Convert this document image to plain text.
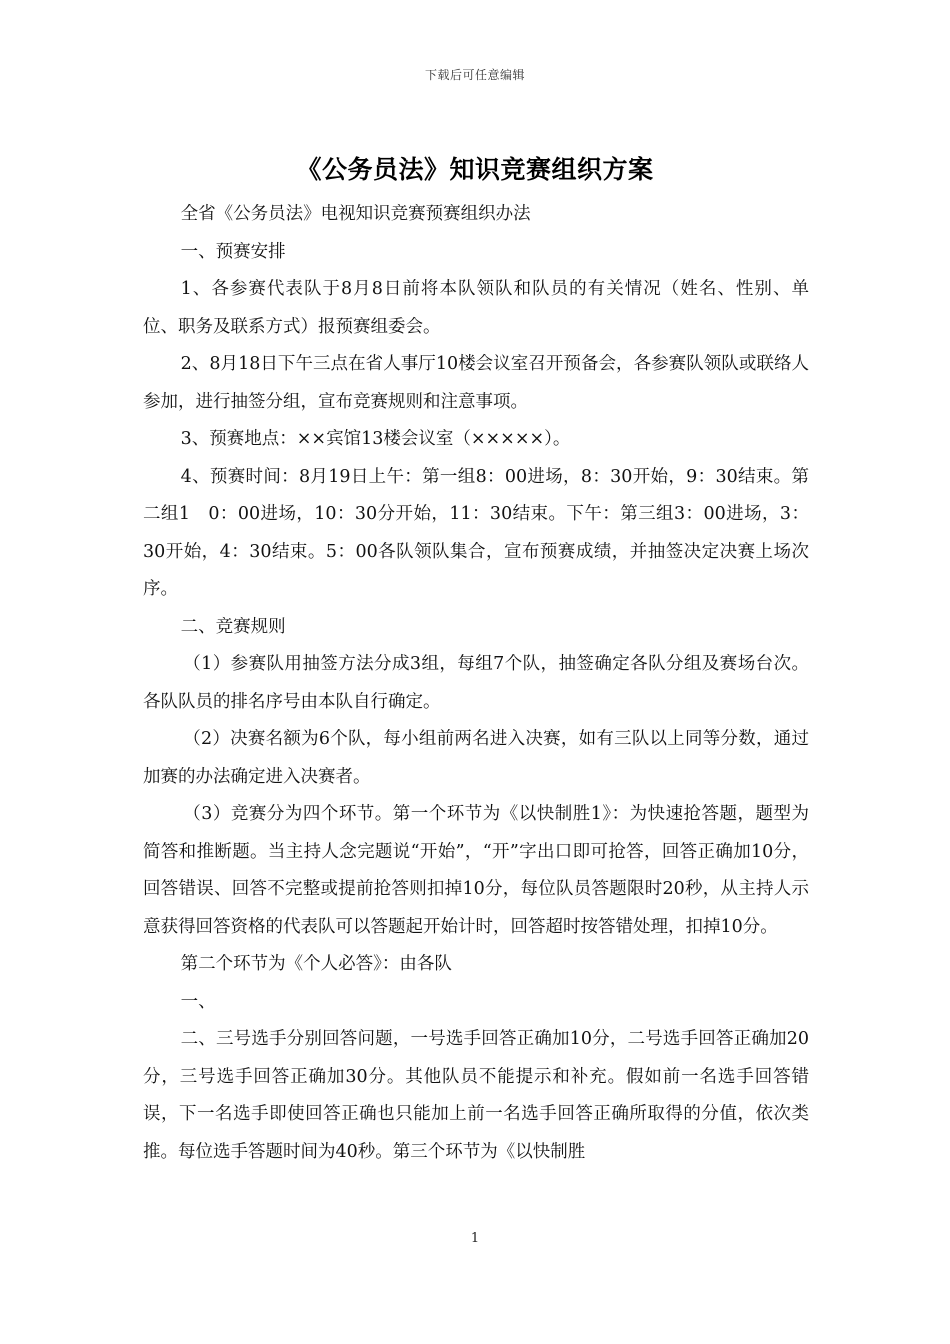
下载后可任意编辑
《公务员法》知识竞赛组织方案

全省《公务员法》电视知识竞赛预赛组织办法

一、预赛安排

1、各参赛代表队于8月8日前将本队领队和队员的有关情况（姓名、性别、单位、职务及联系方式）报预赛组委会。

2、8月18日下午三点在省人事厅10楼会议室召开预备会，各参赛队领队或联络人参加，进行抽签分组，宣布竞赛规则和注意事项。

3、预赛地点：××宾馆13楼会议室（×××××）。

4、预赛时间：8月19日上午：第一组8：00进场，8：30开始，9：30结束。第二组1　0：00进场，10：30分开始，11：30结束。下午：第三组3：00进场，3：30开始，4：30结束。5：00各队领队集合，宣布预赛成绩，并抽签决定决赛上场次序。

二、竞赛规则

（1）参赛队用抽签方法分成3组，每组7个队，抽签确定各队分组及赛场台次。各队队员的排名序号由本队自行确定。

（2）决赛名额为6个队，每小组前两名进入决赛，如有三队以上同等分数，通过加赛的办法确定进入决赛者。

（3）竞赛分为四个环节。第一个环节为《以快制胜1》：为快速抢答题，题型为简答和推断题。当主持人念完题说“开始”，“开”字出口即可抢答，回答正确加10分，回答错误、回答不完整或提前抢答则扣掉10分，每位队员答题限时20秒，从主持人示意获得回答资格的代表队可以答题起开始计时，回答超时按答错处理，扣掉10分。

第二个环节为《个人必答》：由各队

一、

二、三号选手分别回答问题，一号选手回答正确加10分，二号选手回答正确加20分，三号选手回答正确加30分。其他队员不能提示和补充。假如前一名选手回答错误，下一名选手即使回答正确也只能加上前一名选手回答正确所取得的分值，依次类推。每位选手答题时间为40秒。第三个环节为《以快制胜

1
